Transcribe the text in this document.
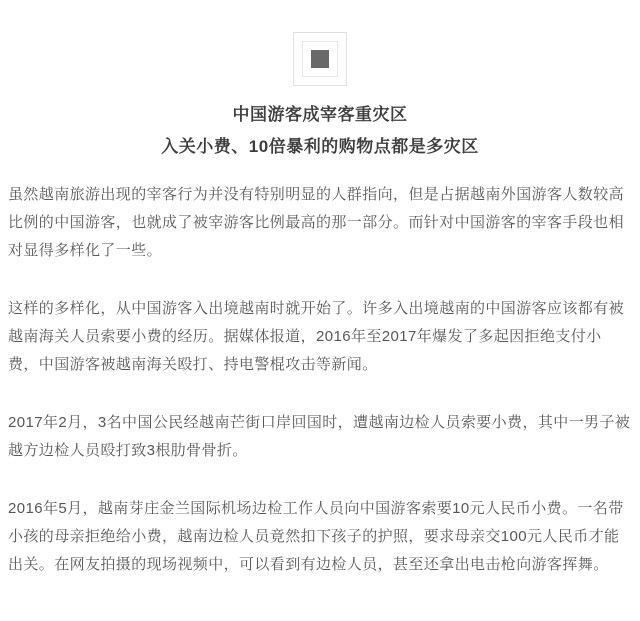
中国游客成宰客重灾区
入关小费、10倍暴利的购物点都是多灾区

虽然越南旅游出现的宰客行为并没有特别明显的人群指向，但是占据越南外国游客人数较高比例的中国游客，也就成了被宰游客比例最高的那一部分。而针对中国游客的宰客手段也相对显得多样化了一些。

这样的多样化，从中国游客入出境越南时就开始了。许多入出境越南的中国游客应该都有被越南海关人员索要小费的经历。据媒体报道，2016年至2017年爆发了多起因拒绝支付小费，中国游客被越南海关殴打、持电警棍攻击等新闻。

2017年2月，3名中国公民经越南芒街口岸回国时，遭越南边检人员索要小费，其中一男子被越方边检人员殴打致3根肋骨骨折。

2016年5月，越南芽庄金兰国际机场边检工作人员向中国游客索要10元人民币小费。一名带小孩的母亲拒绝给小费，越南边检人员竟然扣下孩子的护照，要求母亲交100元人民币才能出关。在网友拍摄的现场视频中，可以看到有边检人员，甚至还拿出电击枪向游客挥舞。
